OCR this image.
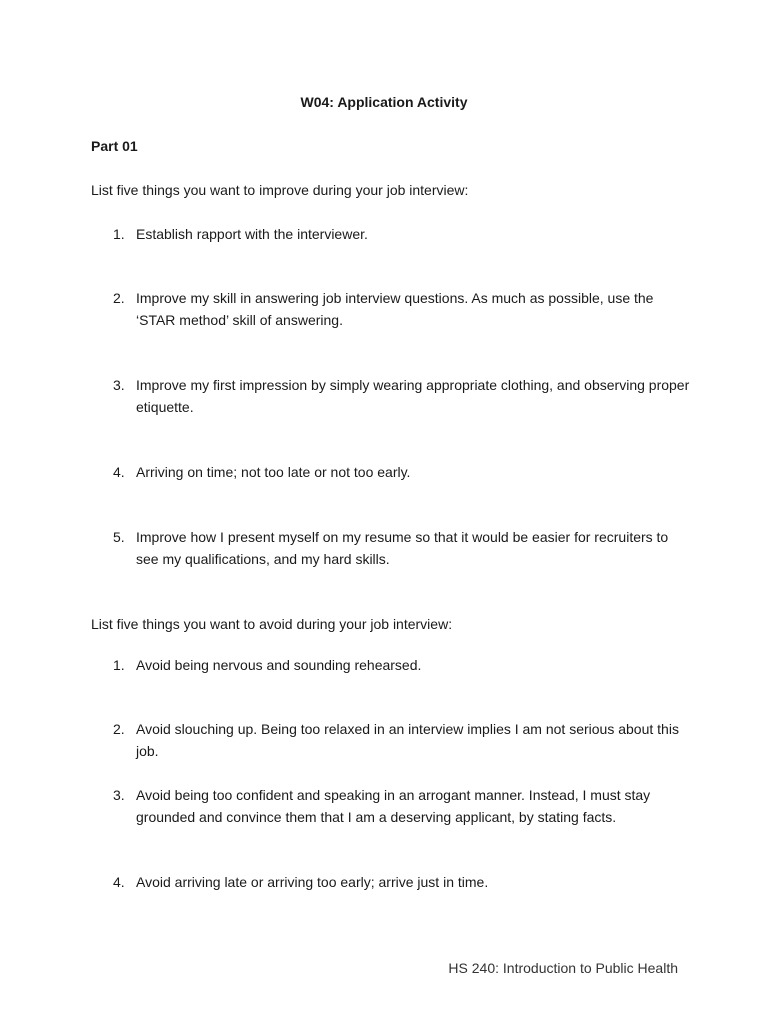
W04: Application Activity
Part 01
List five things you want to improve during your job interview:
1. Establish rapport with the interviewer.
2. Improve my skill in answering job interview questions. As much as possible, use the ‘STAR method’ skill of answering.
3. Improve my first impression by simply wearing appropriate clothing, and observing proper etiquette.
4. Arriving on time; not too late or not too early.
5. Improve how I present myself on my resume so that it would be easier for recruiters to see my qualifications, and my hard skills.
List five things you want to avoid during your job interview:
1. Avoid being nervous and sounding rehearsed.
2. Avoid slouching up. Being too relaxed in an interview implies I am not serious about this job.
3. Avoid being too confident and speaking in an arrogant manner. Instead, I must stay grounded and convince them that I am a deserving applicant, by stating facts.
4. Avoid arriving late or arriving too early; arrive just in time.
HS 240: Introduction to Public Health
